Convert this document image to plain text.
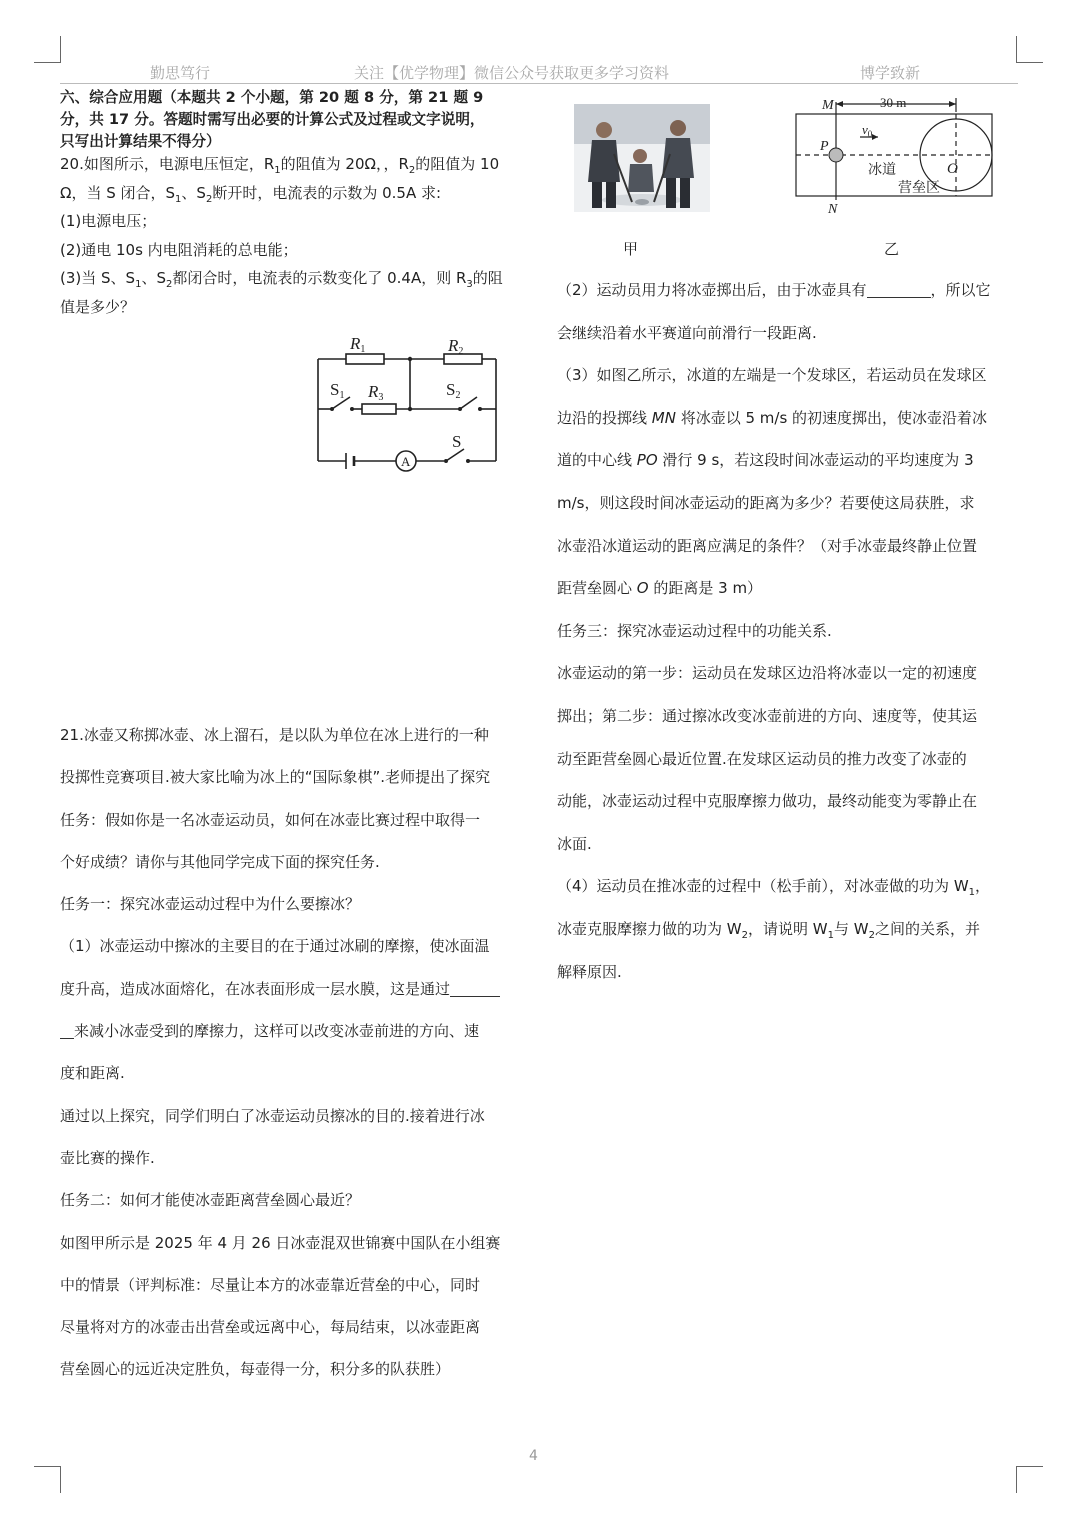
勤思笃行	关注【优学物理】微信公众号获取更多学习资料	博学致新
六、综合应用题（本题共 2 个小题，第 20 题 8 分，第 21 题 9
分，共 17 分。答题时需写出必要的计算公式及过程或文字说明，
只写出计算结果不得分）
20.如图所示，电源电压恒定，$R_1$的阻值为 20Ω，，$R_2$的阻值为 10
Ω，当 S 闭合，$S_1$、$S_2$断开时，电流表的示数为 0.5A 求:
(1)电源电压；
(2)通电 10s 内电阻消耗的总电能；
(3)当 S、$S_1$、$S_2$都闭合时，电流表的示数变化了 0.4A，则 $R_3$的阻
值是多少？
R1	R2
R3
S1	S2
S
A
21.冰壶又称掷冰壶、冰上溜石，是以队为单位在冰上进行的一种
投掷性竞赛项目.被大家比喻为冰上的“国际象棋”.老师提出了探究
任务：假如你是一名冰壶运动员，如何在冰壶比赛过程中取得一
个好成绩？请你与其他同学完成下面的探究任务.
任务一：探究冰壶运动过程中为什么要擦冰？
（1）冰壶运动中擦冰的主要目的在于通过冰刷的摩擦，使冰面温
度升高，造成冰面熔化，在冰表面形成一层水膜，这是通过
来减小冰壶受到的摩擦力，这样可以改变冰壶前进的方向、速
度和距离.
通过以上探究，同学们明白了冰壶运动员擦冰的目的.接着进行冰
壶比赛的操作.
任务二：如何才能使冰壶距离营垒圆心最近？
如图甲所示是 2025 年 4 月 26 日冰壶混双世锦赛中国队在小组赛
中的情景（评判标准：尽量让本方的冰壶靠近营垒的中心，同时
尽量将对方的冰壶击出营垒或远离中心，每局结束，以冰壶距离
营垒圆心的远近决定胜负，每壶得一分，积分多的队获胜）
甲
30 m
M
N
P
O
$v_0$
冰道
营垒区
乙
（2）运动员用力将冰壶掷出后，由于冰壶具有	，所以它
会继续沿着水平赛道向前滑行一段距离.
（3）如图乙所示，冰道的左端是一个发球区，若运动员在发球区
边沿的投掷线 MN 将冰壶以 5 m/s 的初速度掷出，使冰壶沿着冰
道的中心线 PO 滑行 9 s，若这段时间冰壶运动的平均速度为 3
m/s，则这段时间冰壶运动的距离为多少？若要使这局获胜，求
冰壶沿冰道运动的距离应满足的条件？（对手冰壶最终静止位置
距营垒圆心 O 的距离是 3 m）
任务三：探究冰壶运动过程中的功能关系.
冰壶运动的第一步：运动员在发球区边沿将冰壶以一定的初速度
掷出；第二步：通过擦冰改变冰壶前进的方向、速度等，使其运
动至距营垒圆心最近位置.在发球区运动员的推力改变了冰壶的
动能，冰壶运动过程中克服摩擦力做功，最终动能变为零静止在
冰面.
（4）运动员在推冰壶的过程中（松手前），对冰壶做的功为 $W_1$，
冰壶克服摩擦力做的功为 $W_2$，请说明 $W_1$与 $W_2$之间的关系，并
解释原因.
4
